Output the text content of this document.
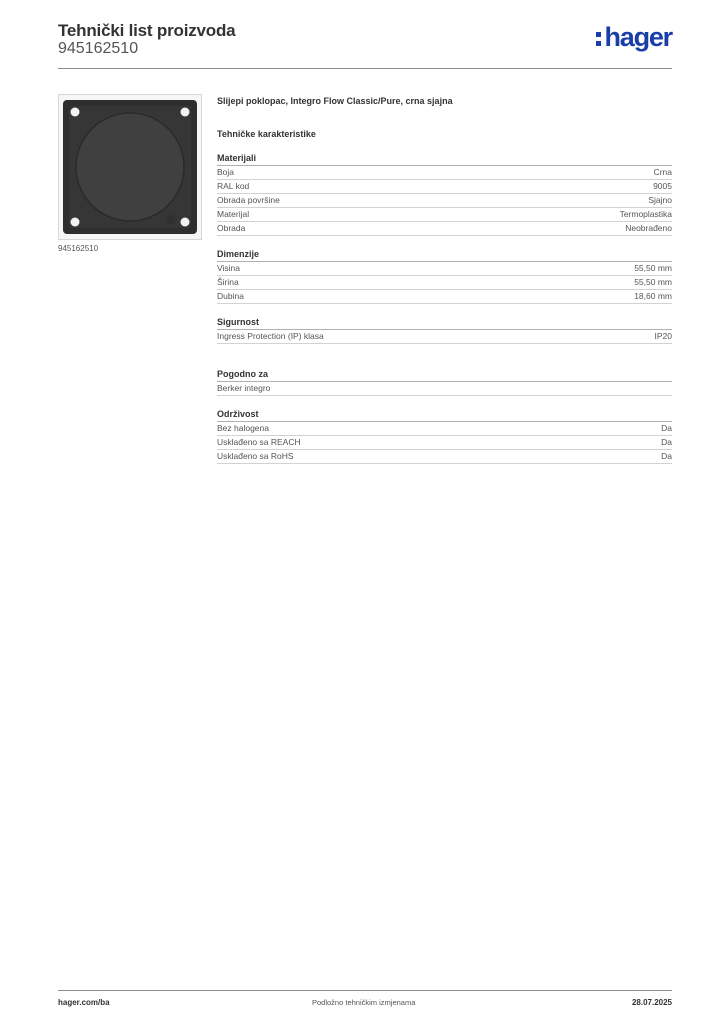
Tehnički list proizvoda
945162510	hager
945162510
Slijepi poklopac, Integro Flow Classic/Pure, crna sjajna
Tehničke karakteristike
Materijali
Boja	Crna
RAL kod	9005
Obrada površine	Sjajno
Materijal	Termoplastika
Obrada	Neobrađeno
Dimenzije
Visina	55,50 mm
Širina	55,50 mm
Dubina	18,60 mm
Sigurnost
Ingress Protection (IP) klasa	IP20
Pogodno za
Berker integro
Održivost
Bez halogena	Da
Usklađeno sa REACH	Da
Usklađeno sa RoHS	Da
hager.com/ba	Podložno tehničkim izmjenama	28.07.2025
